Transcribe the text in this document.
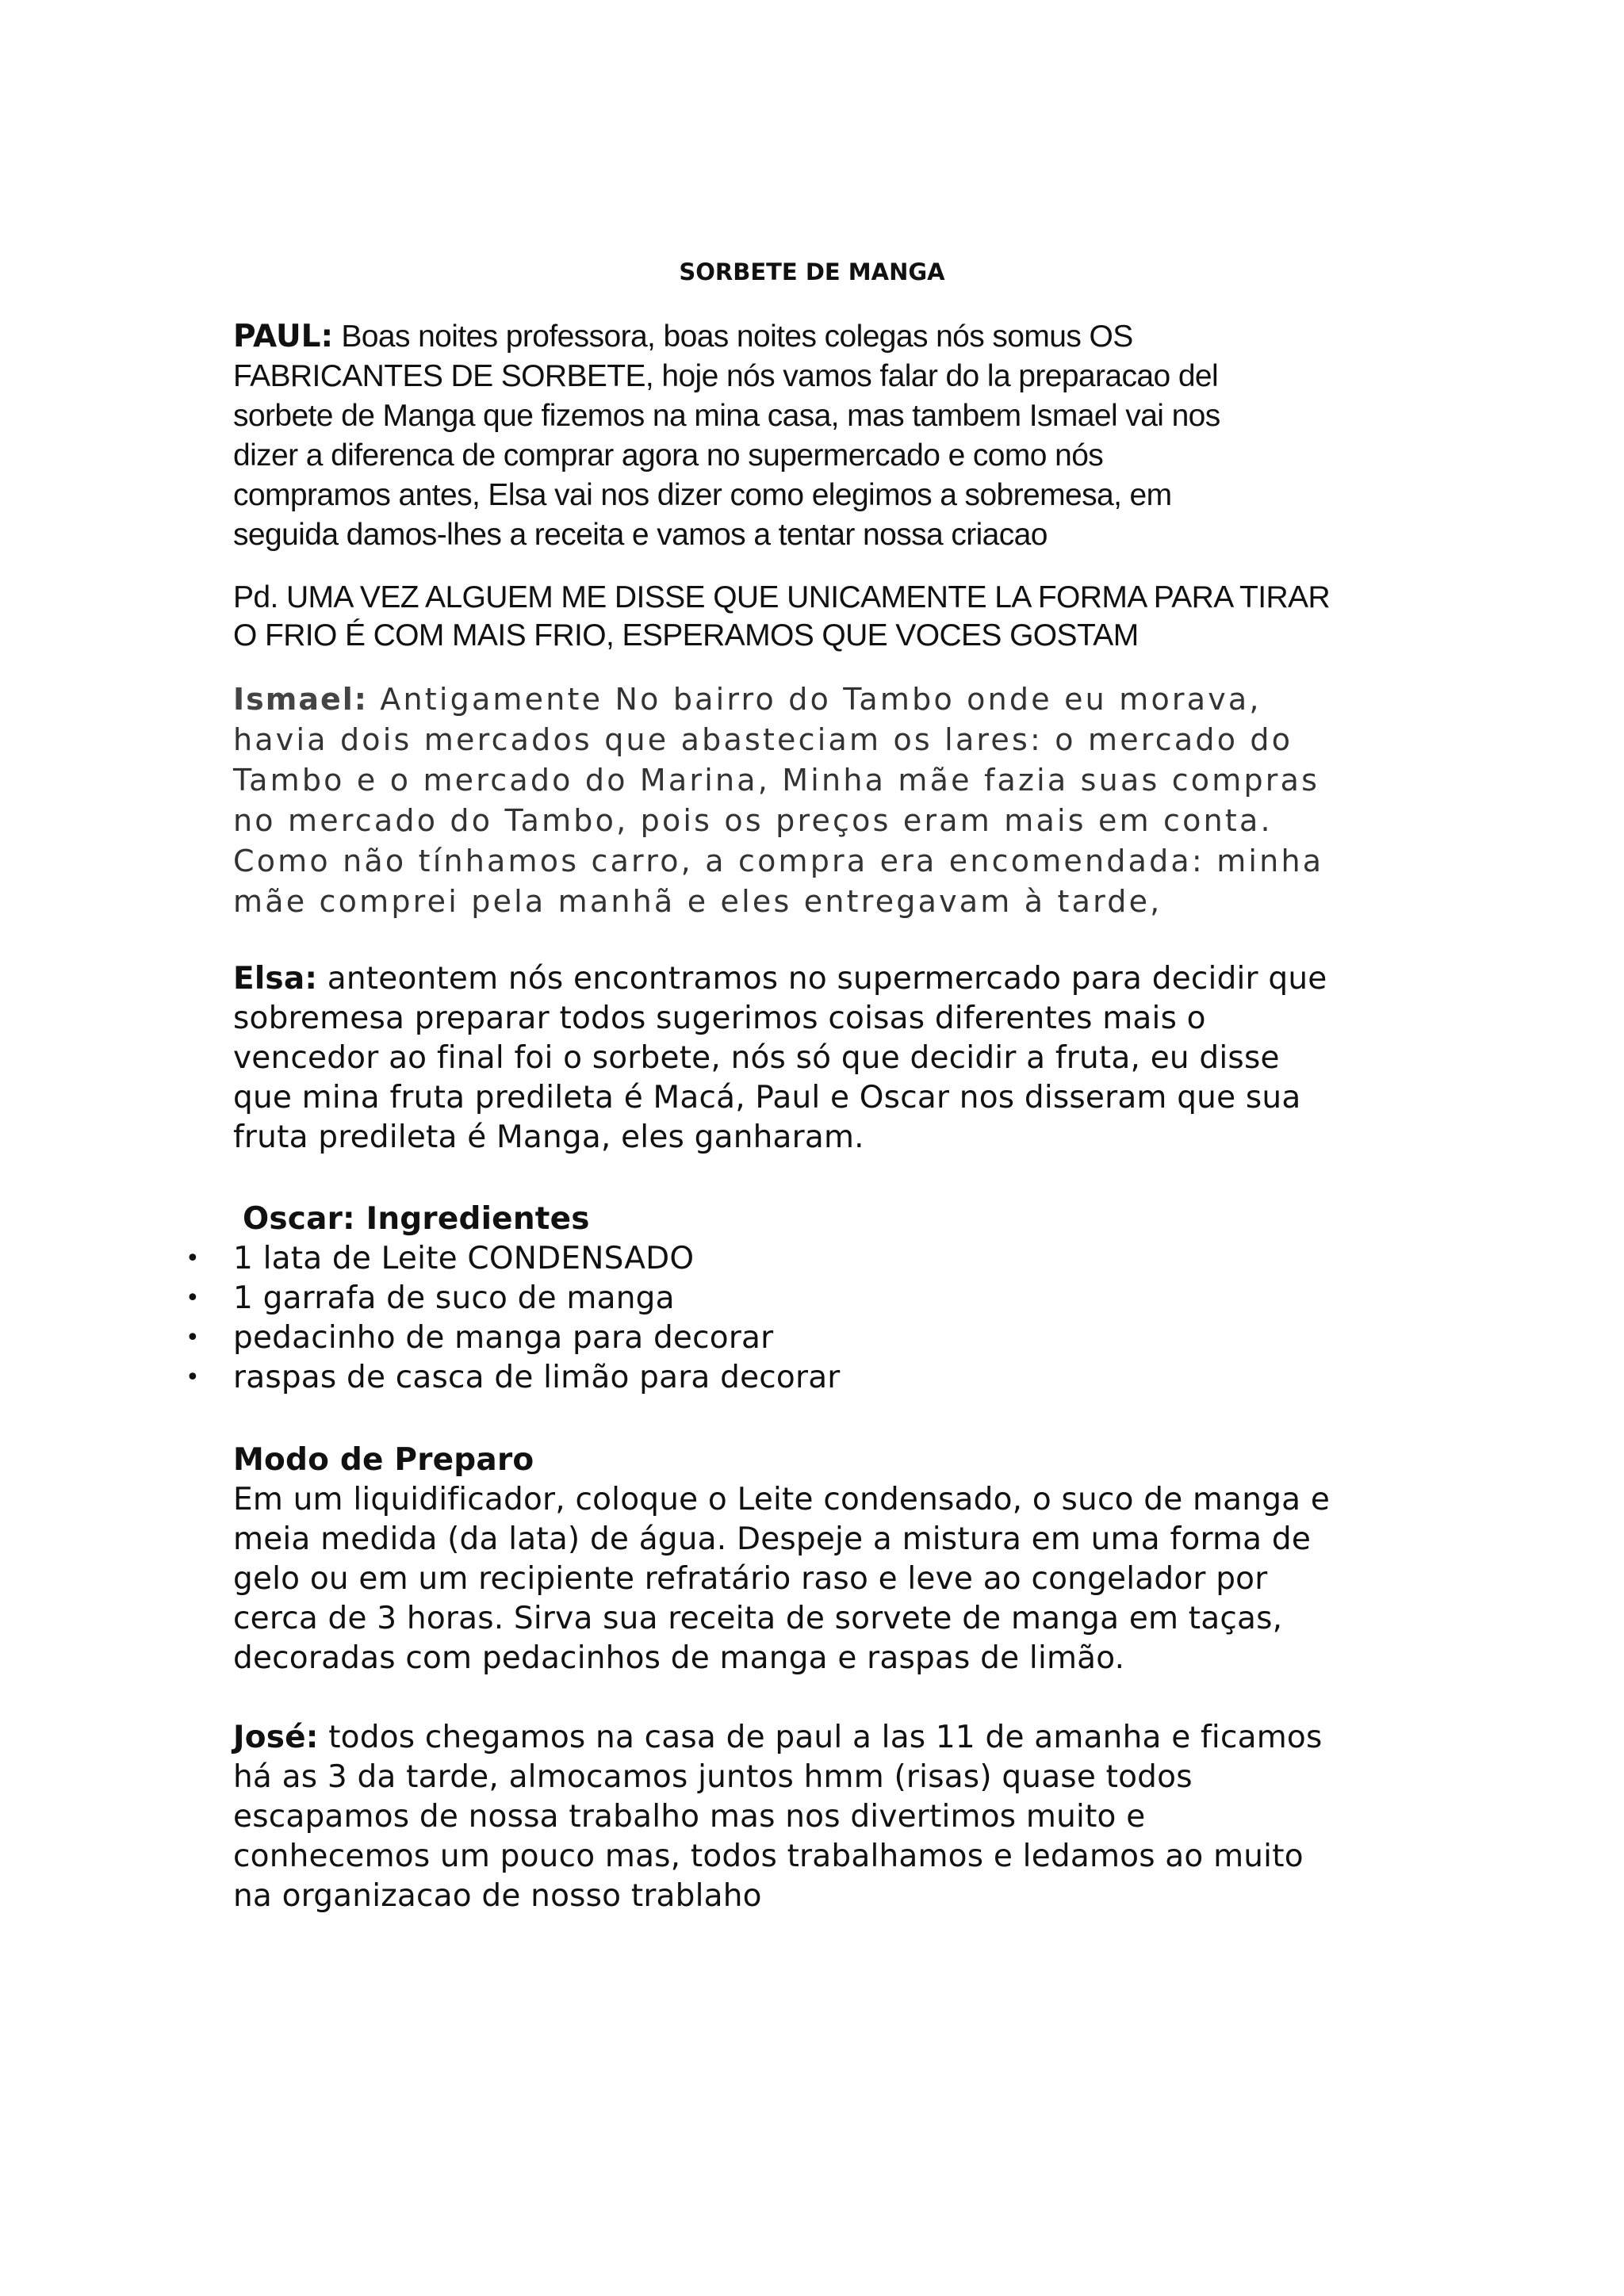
SORBETE DE MANGA

PAUL: Boas noites professora, boas noites colegas nós somus OS
FABRICANTES DE SORBETE, hoje nós vamos falar do la preparacao del
sorbete de Manga que fizemos na mina casa, mas tambem Ismael vai nos
dizer a diferenca de comprar agora no supermercado e como nós
compramos antes, Elsa vai nos dizer como elegimos a sobremesa, em
seguida damos-lhes a receita e vamos a tentar nossa criacao

Pd. UMA VEZ ALGUEM ME DISSE QUE UNICAMENTE LA FORMA PARA TIRAR
O FRIO É COM MAIS FRIO, ESPERAMOS QUE VOCES GOSTAM

Ismael: Antigamente No bairro do Tambo onde eu morava,
havia dois mercados que abasteciam os lares: o mercado do
Tambo e o mercado do Marina, Minha mãe fazia suas compras
no mercado do Tambo, pois os preços eram mais em conta.
Como não tínhamos carro, a compra era encomendada: minha
mãe comprei pela manhã e eles entregavam à tarde,

Elsa: anteontem nós encontramos no supermercado para decidir que
sobremesa preparar todos sugerimos coisas diferentes mais o
vencedor ao final foi o sorbete, nós só que decidir a fruta, eu disse
que mina fruta predileta é Macá, Paul e Oscar nos disseram que sua
fruta predileta é Manga, eles ganharam.

Oscar: Ingredientes

• 1 lata de Leite CONDENSADO
• 1 garrafa de suco de manga
• pedacinho de manga para decorar
• raspas de casca de limão para decorar

Modo de Preparo
Em um liquidificador, coloque o Leite condensado, o suco de manga e
meia medida (da lata) de água. Despeje a mistura em uma forma de
gelo ou em um recipiente refratário raso e leve ao congelador por
cerca de 3 horas. Sirva sua receita de sorvete de manga em taças,
decoradas com pedacinhos de manga e raspas de limão.

José: todos chegamos na casa de paul a las 11 de amanha e ficamos
há as 3 da tarde, almocamos juntos hmm (risas) quase todos
escapamos de nossa trabalho mas nos divertimos muito e
conhecemos um pouco mas, todos trabalhamos e ledamos ao muito
na organizacao de nosso trablaho
